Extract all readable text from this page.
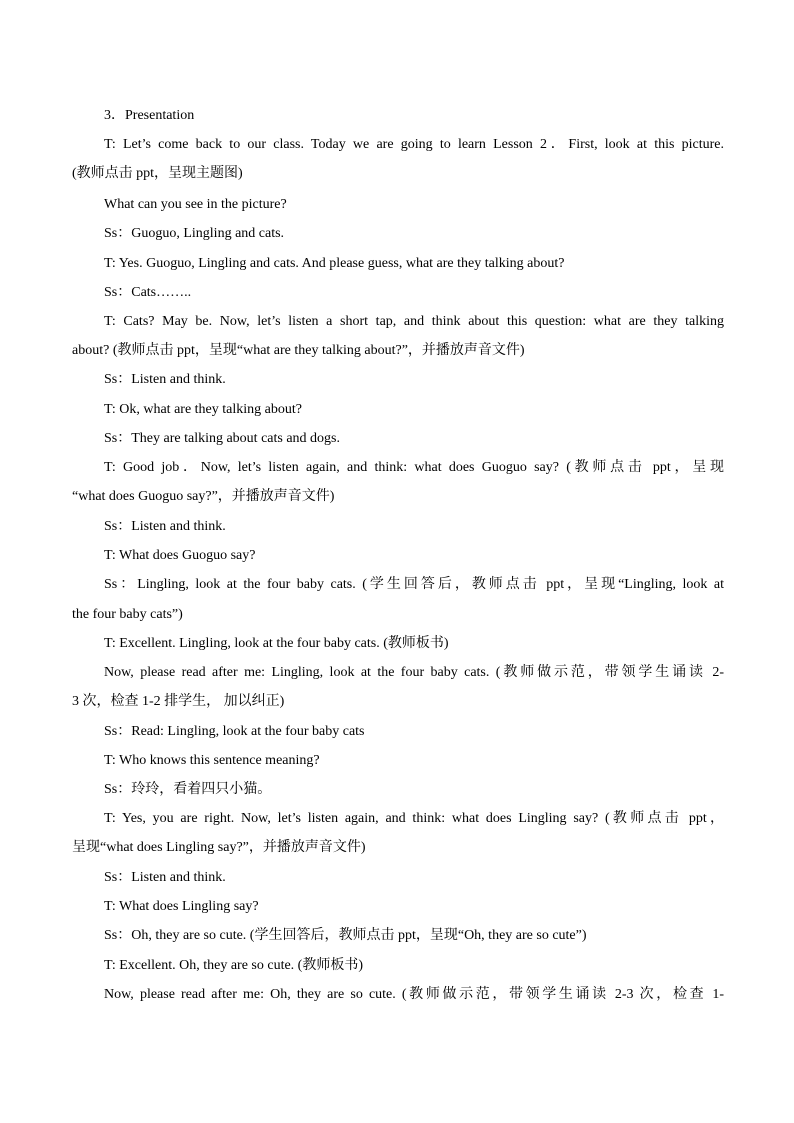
3．Presentation
T: Let’s come back to our class. Today we are going to learn Lesson 2．First, look at this picture.
(教师点击 ppt，呈现主题图)
What can you see in the picture?
Ss：Guoguo, Lingling and cats.
T: Yes. Guoguo, Lingling and cats. And please guess, what are they talking about?
Ss：Cats……..
T: Cats? May be. Now, let’s listen a short tap, and think about this question: what are they talking
about? (教师点击 ppt，呈现“what are they talking about?”，并播放声音文件)
Ss：Listen and think.
T: Ok, what are they talking about?
Ss：They are talking about cats and dogs.
T: Good job．Now, let’s listen again, and think: what does Guoguo say? (教师点击 ppt，呈现
“what does Guoguo say?”，并播放声音文件)
Ss：Listen and think.
T: What does Guoguo say?
Ss：Lingling, look at the four baby cats. (学生回答后，教师点击 ppt，呈现“Lingling, look at
the four baby cats”)
T: Excellent. Lingling, look at the four baby cats. (教师板书)
Now, please read after me: Lingling, look at the four baby cats. (教师做示范，带领学生诵读 2-
3 次，检查 1-2 排学生， 加以纠正)
Ss：Read: Lingling, look at the four baby cats
T: Who knows this sentence meaning?
Ss：玲玲，看着四只小猫。
T: Yes, you are right. Now, let’s listen again, and think: what does Lingling say? (教师点击 ppt，
呈现“what does Lingling say?”，并播放声音文件)
Ss：Listen and think.
T: What does Lingling say?
Ss：Oh, they are so cute. (学生回答后，教师点击 ppt，呈现“Oh, they are so cute”)
T: Excellent. Oh, they are so cute. (教师板书)
Now, please read after me: Oh, they are so cute. (教师做示范，带领学生诵读 2-3 次，检查 1-
